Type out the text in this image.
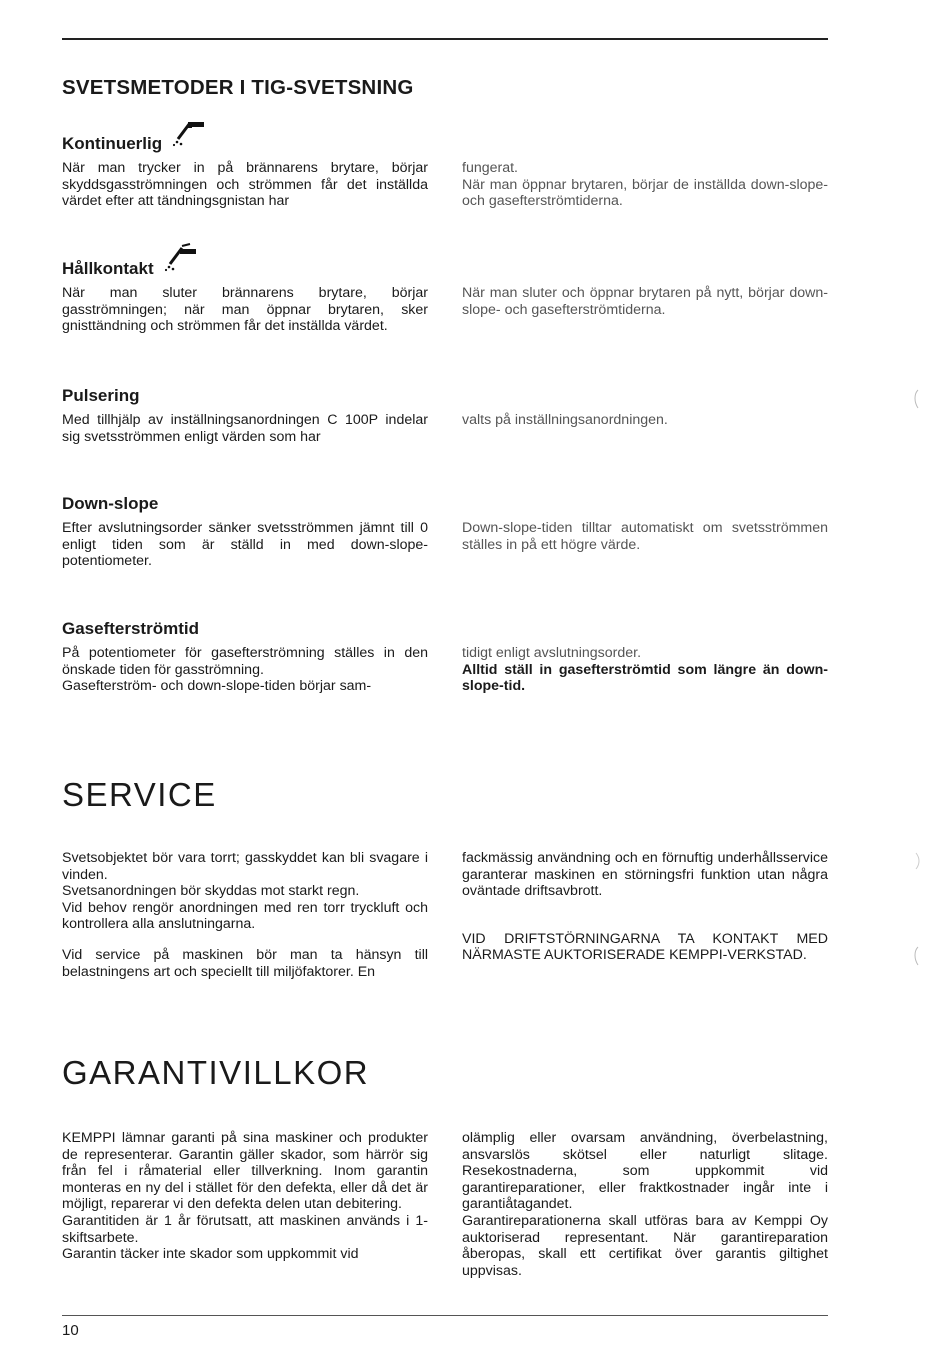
SVETSMETODER I TIG-SVETSNING
Kontinuerlig

När man trycker in på brännarens brytare, börjar skyddsgasströmningen och strömmen får det inställda värdet efter att tändningsgnistan har

fungerat.
När man öppnar brytaren, börjar de inställda down-slope- och gasefterströmtiderna.

Hållkontakt

När man sluter brännarens brytare, börjar gasströmningen; när man öppnar brytaren, sker gnisttändning och strömmen får det inställda värdet.

När man sluter och öppnar brytaren på nytt, börjar down-slope- och gasefterströmtiderna.

Pulsering

Med tillhjälp av inställningsanordningen C 100P indelar sig svetsströmmen enligt värden som har

valts på inställningsanordningen.

Down-slope

Efter avslutningsorder sänker svetsströmmen jämnt till 0 enligt tiden som är ställd in med down-slope-potentiometer.

Down-slope-tiden tilltar automatiskt om svetsströmmen ställes in på ett högre värde.

Gasefterströmtid

På potentiometer för gasefterströmning ställes in den önskade tiden för gasströmning.
Gasefterström- och down-slope-tiden börjar sam-

tidigt enligt avslutningsorder.

Alltid ställ in gasefterströmtid som längre än down-slope-tid.

SERVICE

Svetsobjektet bör vara torrt; gasskyddet kan bli svagare i vinden.
Svetsanordningen bör skyddas mot starkt regn.
Vid behov rengör anordningen med ren torr tryckluft och kontrollera alla anslutningarna.

Vid service på maskinen bör man ta hänsyn till belastningens art och speciellt till miljöfaktorer. En

fackmässig användning och en förnuftig underhållsservice garanterar maskinen en störningsfri funktion utan några oväntade driftsavbrott.

VID DRIFTSTÖRNINGARNA TA KONTAKT MED NÄRMASTE AUKTORISERADE KEMPPI-VERKSTAD.

GARANTIVILLKOR

KEMPPI lämnar garanti på sina maskiner och produkter de representerar. Garantin gäller skador, som härrör sig från fel i råmaterial eller tillverkning. Inom garantin monteras en ny del i stället för den defekta, eller då det är möjligt, reparerar vi den defekta delen utan debitering.
Garantitiden är 1 år förutsatt, att maskinen används i 1-skiftsarbete.
Garantin täcker inte skador som uppkommit vid

olämplig eller ovarsam användning, överbelastning, ansvarslös skötsel eller naturligt slitage. Resekostnaderna, som uppkommit vid garantireparationer, eller fraktkostnader ingår inte i garantiåtagandet.
Garantireparationerna skall utföras bara av Kemppi Oy auktoriserad representant. När garantireparation åberopas, skall ett certifikat över garantis giltighet uppvisas.

10
